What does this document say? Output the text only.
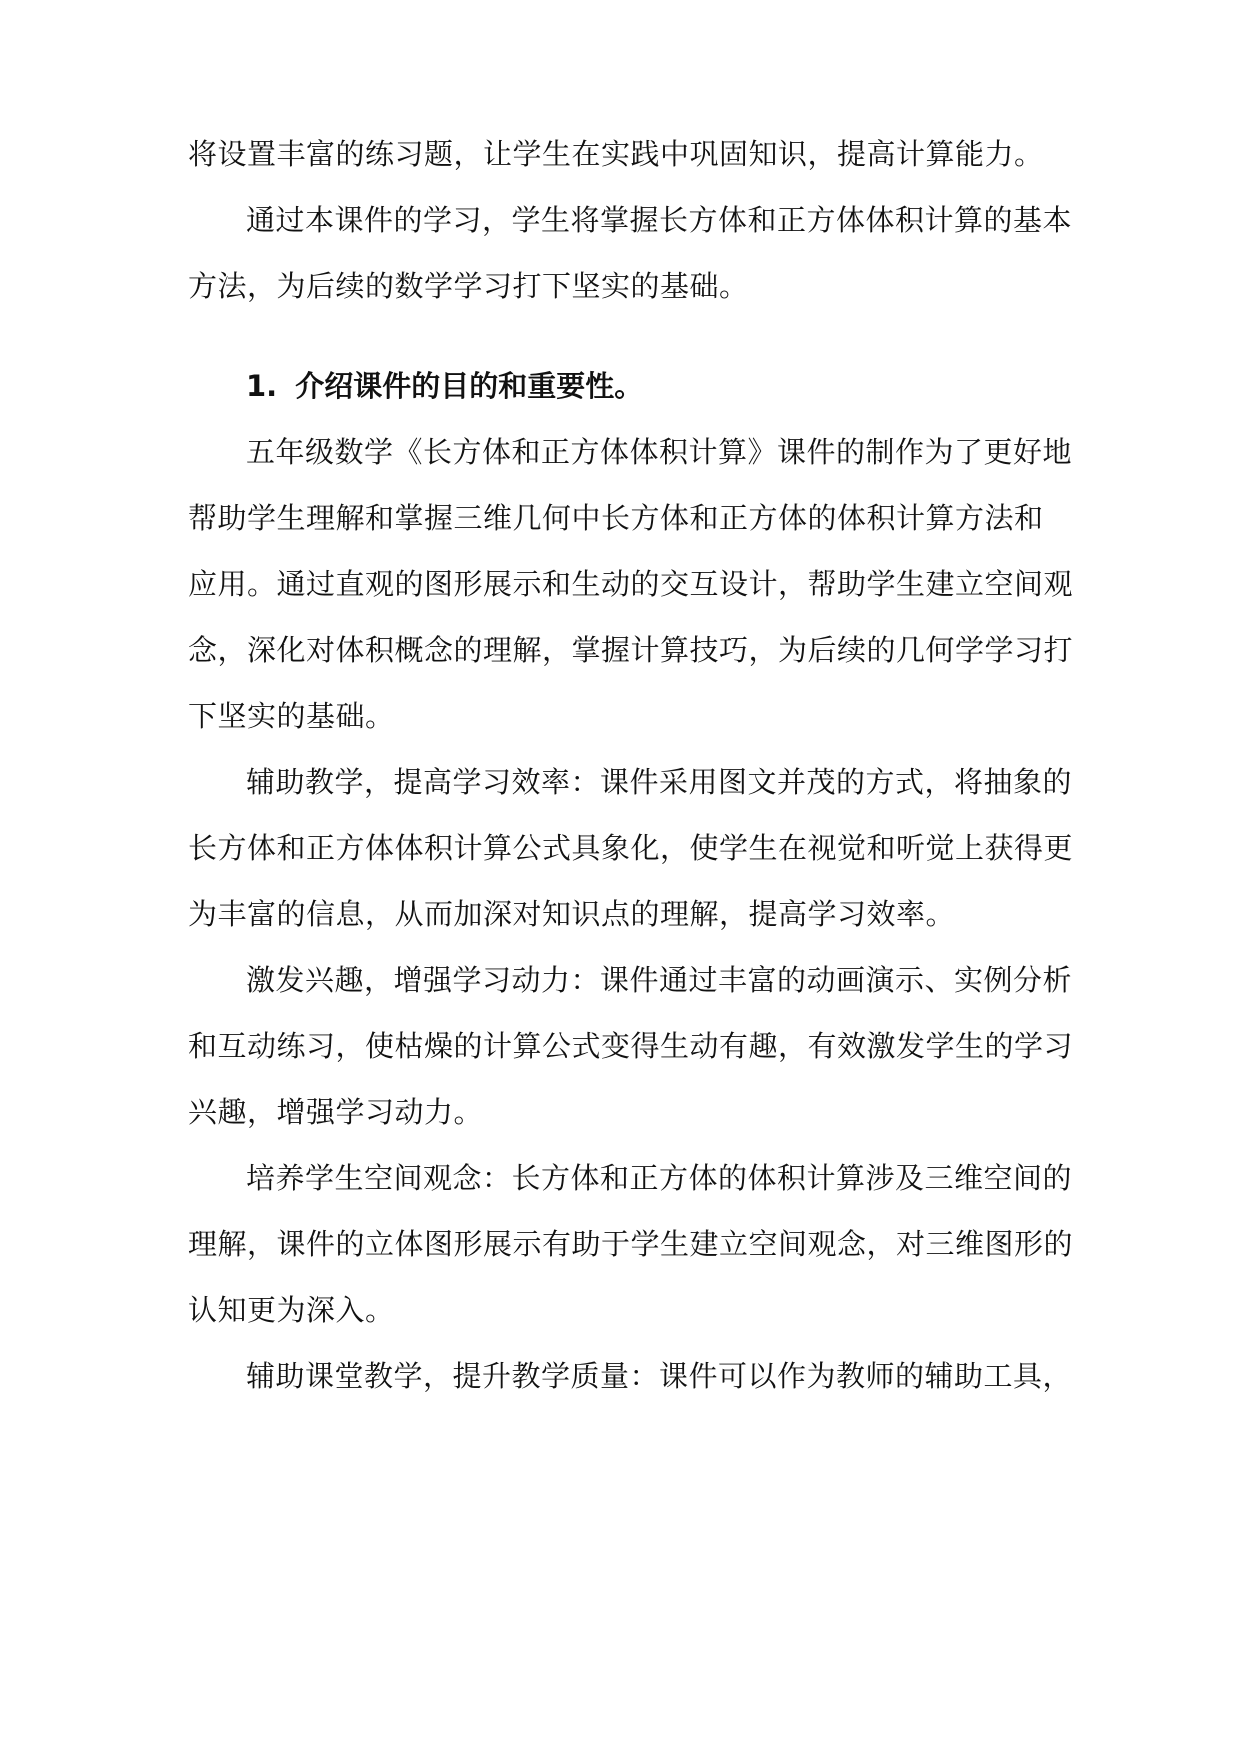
将设置丰富的练习题，让学生在实践中巩固知识，提高计算能力。
通过本课件的学习，学生将掌握长方体和正方体体积计算的基本
方法，为后续的数学学习打下坚实的基础。
1. 介绍课件的目的和重要性。
五年级数学《长方体和正方体体积计算》课件的制作为了更好地
帮助学生理解和掌握三维几何中长方体和正方体的体积计算方法和
应用。通过直观的图形展示和生动的交互设计，帮助学生建立空间观
念，深化对体积概念的理解，掌握计算技巧，为后续的几何学学习打
下坚实的基础。
辅助教学，提高学习效率：课件采用图文并茂的方式，将抽象的
长方体和正方体体积计算公式具象化，使学生在视觉和听觉上获得更
为丰富的信息，从而加深对知识点的理解，提高学习效率。
激发兴趣，增强学习动力：课件通过丰富的动画演示、实例分析
和互动练习，使枯燥的计算公式变得生动有趣，有效激发学生的学习
兴趣，增强学习动力。
培养学生空间观念：长方体和正方体的体积计算涉及三维空间的
理解，课件的立体图形展示有助于学生建立空间观念，对三维图形的
认知更为深入。
辅助课堂教学，提升教学质量：课件可以作为教师的辅助工具，
